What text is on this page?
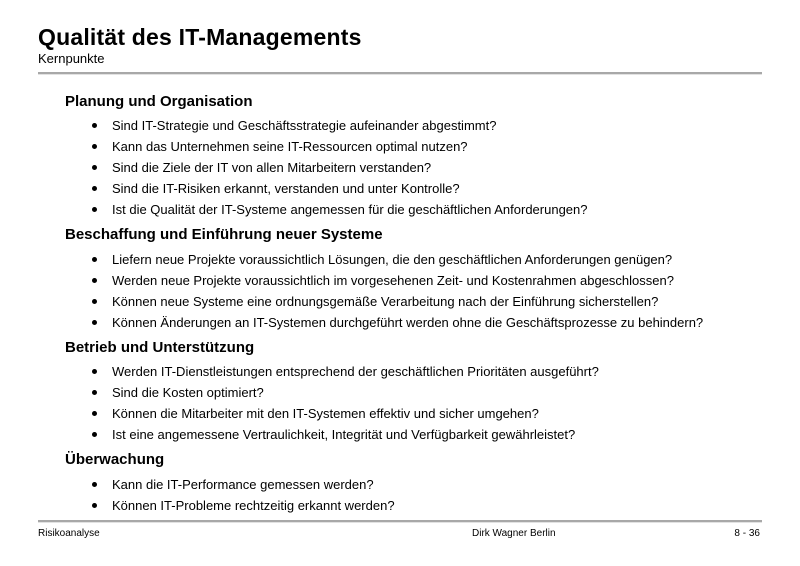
Qualität des IT-Managements
Kernpunkte
Planung und Organisation
Sind IT-Strategie und Geschäftsstrategie aufeinander abgestimmt?
Kann das Unternehmen seine IT-Ressourcen optimal nutzen?
Sind die Ziele der IT von allen Mitarbeitern verstanden?
Sind die IT-Risiken erkannt, verstanden und unter Kontrolle?
Ist die Qualität der IT-Systeme angemessen für die geschäftlichen Anforderungen?
Beschaffung und Einführung neuer Systeme
Liefern neue Projekte voraussichtlich Lösungen, die den geschäftlichen Anforderungen genügen?
Werden neue Projekte voraussichtlich im vorgesehenen Zeit- und Kostenrahmen abgeschlossen?
Können neue Systeme eine ordnungsgemäße Verarbeitung nach der Einführung sicherstellen?
Können Änderungen an IT-Systemen durchgeführt werden ohne die Geschäftsprozesse zu behindern?
Betrieb und Unterstützung
Werden IT-Dienstleistungen entsprechend der geschäftlichen Prioritäten ausgeführt?
Sind die Kosten optimiert?
Können die Mitarbeiter mit den IT-Systemen effektiv und sicher umgehen?
Ist eine angemessene Vertraulichkeit, Integrität und Verfügbarkeit gewährleistet?
Überwachung
Kann die IT-Performance gemessen werden?
Können IT-Probleme rechtzeitig erkannt werden?
Risikoanalyse	Dirk Wagner Berlin	8 - 36
